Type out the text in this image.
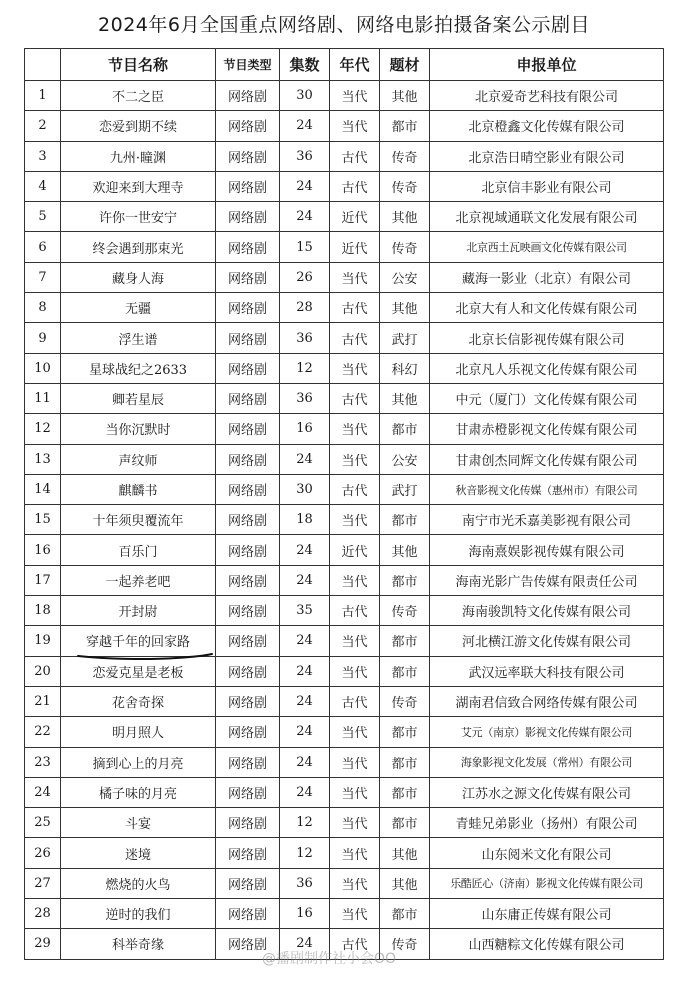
2024年6月全国重点网络剧、网络电影拍摄备案公示剧目
	节目名称	节目类型	集数	年代	题材	申报单位
1	不二之臣	网络剧	30	当代	其他	北京爱奇艺科技有限公司
2	恋爱到期不续	网络剧	24	当代	都市	北京橙鑫文化传媒有限公司
3	九州·瞳渊	网络剧	36	古代	传奇	北京浩日晴空影业有限公司
4	欢迎来到大理寺	网络剧	24	古代	传奇	北京信丰影业有限公司
5	许你一世安宁	网络剧	24	近代	其他	北京视域通联文化发展有限公司
6	终会遇到那束光	网络剧	15	近代	传奇	北京西土瓦映画文化传媒有限公司
7	藏身人海	网络剧	26	当代	公安	藏海一影业（北京）有限公司
8	无疆	网络剧	28	古代	其他	北京大有人和文化传媒有限公司
9	浮生谱	网络剧	36	古代	武打	北京长信影视传媒有限公司
10	星球战纪之2633	网络剧	12	当代	科幻	北京凡人乐视文化传媒有限公司
11	卿若星辰	网络剧	36	古代	其他	中元（厦门）文化传媒有限公司
12	当你沉默时	网络剧	16	当代	都市	甘肃赤橙影视文化传媒有限公司
13	声纹师	网络剧	24	当代	公安	甘肃创杰同辉文化传媒有限公司
14	麒麟书	网络剧	30	古代	武打	秋音影视文化传媒（惠州市）有限公司
15	十年须臾覆流年	网络剧	18	当代	都市	南宁市光禾嘉美影视有限公司
16	百乐门	网络剧	24	近代	其他	海南熹娱影视传媒有限公司
17	一起养老吧	网络剧	24	当代	都市	海南光影广告传媒有限责任公司
18	开封尉	网络剧	35	古代	传奇	海南骏凯特文化传媒有限公司
19	穿越千年的回家路	网络剧	24	当代	都市	河北横江游文化传媒有限公司
20	恋爱克星是老板	网络剧	24	当代	都市	武汉远率联大科技有限公司
21	花舍奇探	网络剧	24	古代	传奇	湖南君信致合网络传媒有限公司
22	明月照人	网络剧	24	当代	都市	艾元（南京）影视文化传媒有限公司
23	摘到心上的月亮	网络剧	24	当代	都市	海象影视文化发展（常州）有限公司
24	橘子味的月亮	网络剧	24	当代	都市	江苏水之源文化传媒有限公司
25	斗宴	网络剧	12	当代	都市	青蛙兄弟影业（扬州）有限公司
26	迷境	网络剧	12	当代	其他	山东阅米文化有限公司
27	燃烧的火鸟	网络剧	36	当代	其他	乐酷匠心（济南）影视文化传媒有限公司
28	逆时的我们	网络剧	16	当代	都市	山东庸正传媒有限公司
29	科举奇缘	网络剧	24	古代	传奇	山西糖粽文化传媒有限公司
@播剧制作社小会OO
